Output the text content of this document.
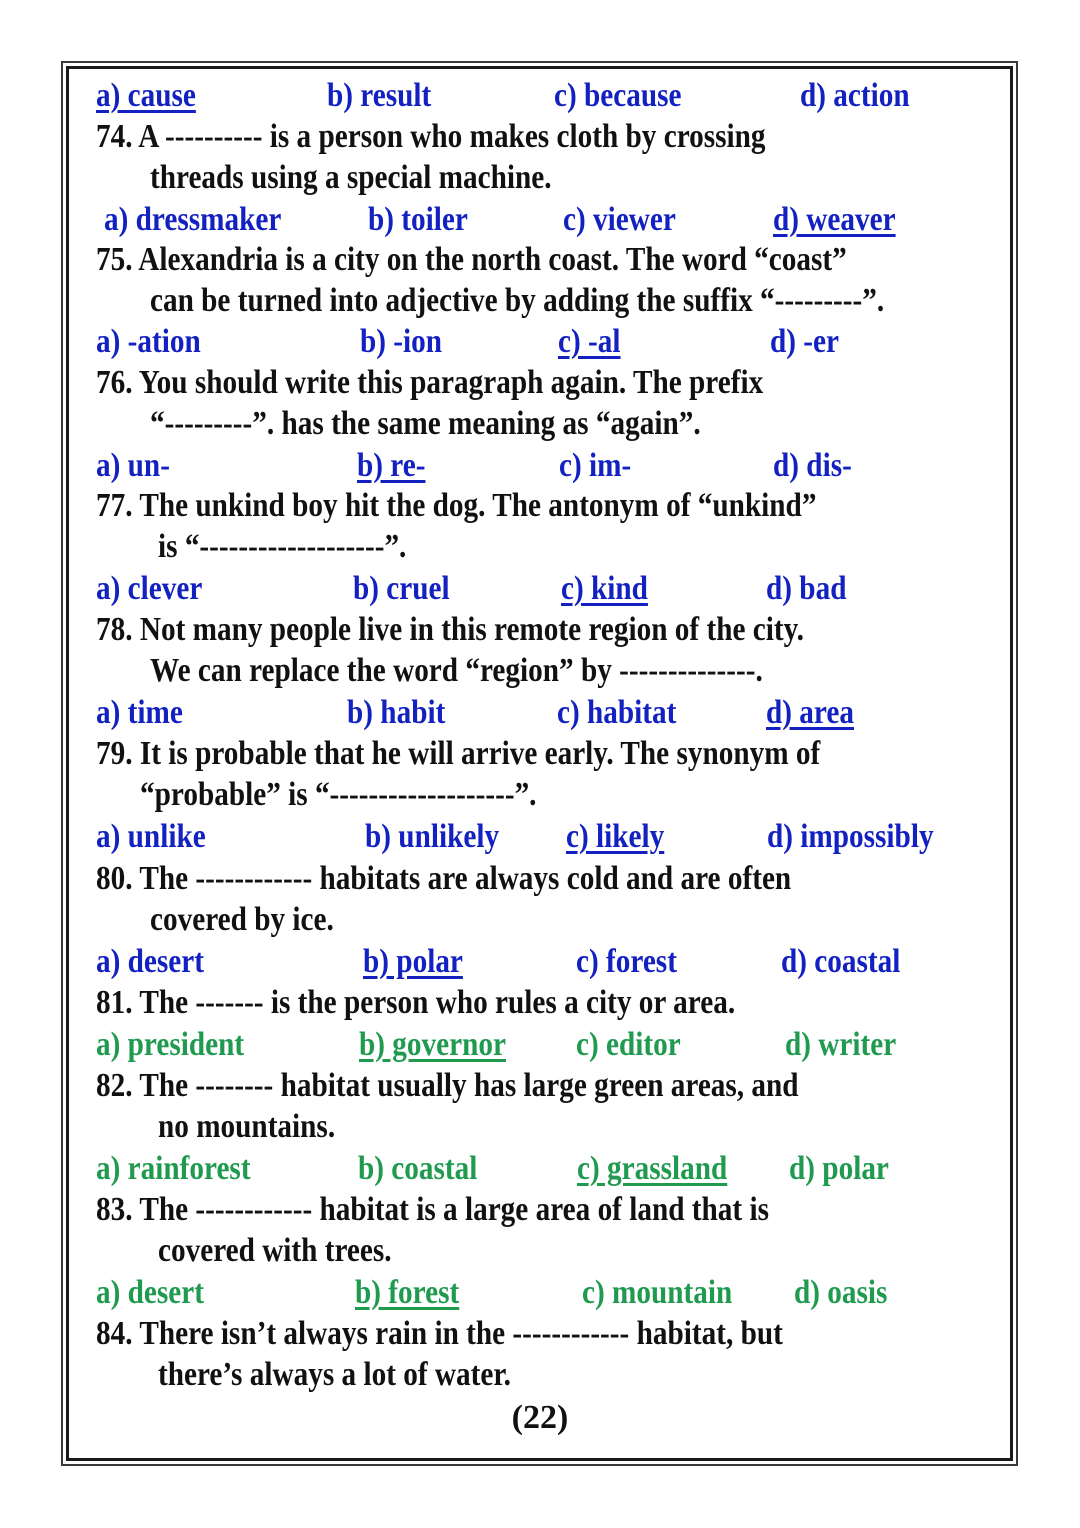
a) cause	b) result	c) because	d) action
74. A ---------- is a person who makes cloth by crossing
threads using a special machine.
a) dressmaker	b) toiler	c) viewer	d) weaver
75. Alexandria is a city on the north coast. The word “coast”
can be turned into adjective by adding the suffix “---------”.
a) -ation	b) -ion	c) -al	d) -er
76. You should write this paragraph again. The prefix
“---------”. has the same meaning as “again”.
a) un-	b) re-	c) im-	d) dis-
77. The unkind boy hit the dog. The antonym of “unkind”
is “-------------------”.
a) clever	b) cruel	c) kind	d) bad
78. Not many people live in this remote region of the city.
We can replace the word “region” by --------------.
a) time	b) habit	c) habitat	d) area
79. It is probable that he will arrive early. The synonym of
“probable” is “-------------------”.
a) unlike	b) unlikely c) likely	d) impossibly
80. The ------------ habitats are always cold and are often
covered by ice.
a) desert	b) polar	c) forest	d) coastal
81. The ------- is the person who rules a city or area.
a) president	b) governor c) editor	d) writer
82. The -------- habitat usually has large green areas, and
no mountains.
a) rainforest	b) coastal	c) grassland d) polar
83. The ------------ habitat is a large area of land that is
covered with trees.
a) desert	b) forest	c) mountain d) oasis
84. There isn’t always rain in the ------------ habitat, but
there’s always a lot of water.
(22)
